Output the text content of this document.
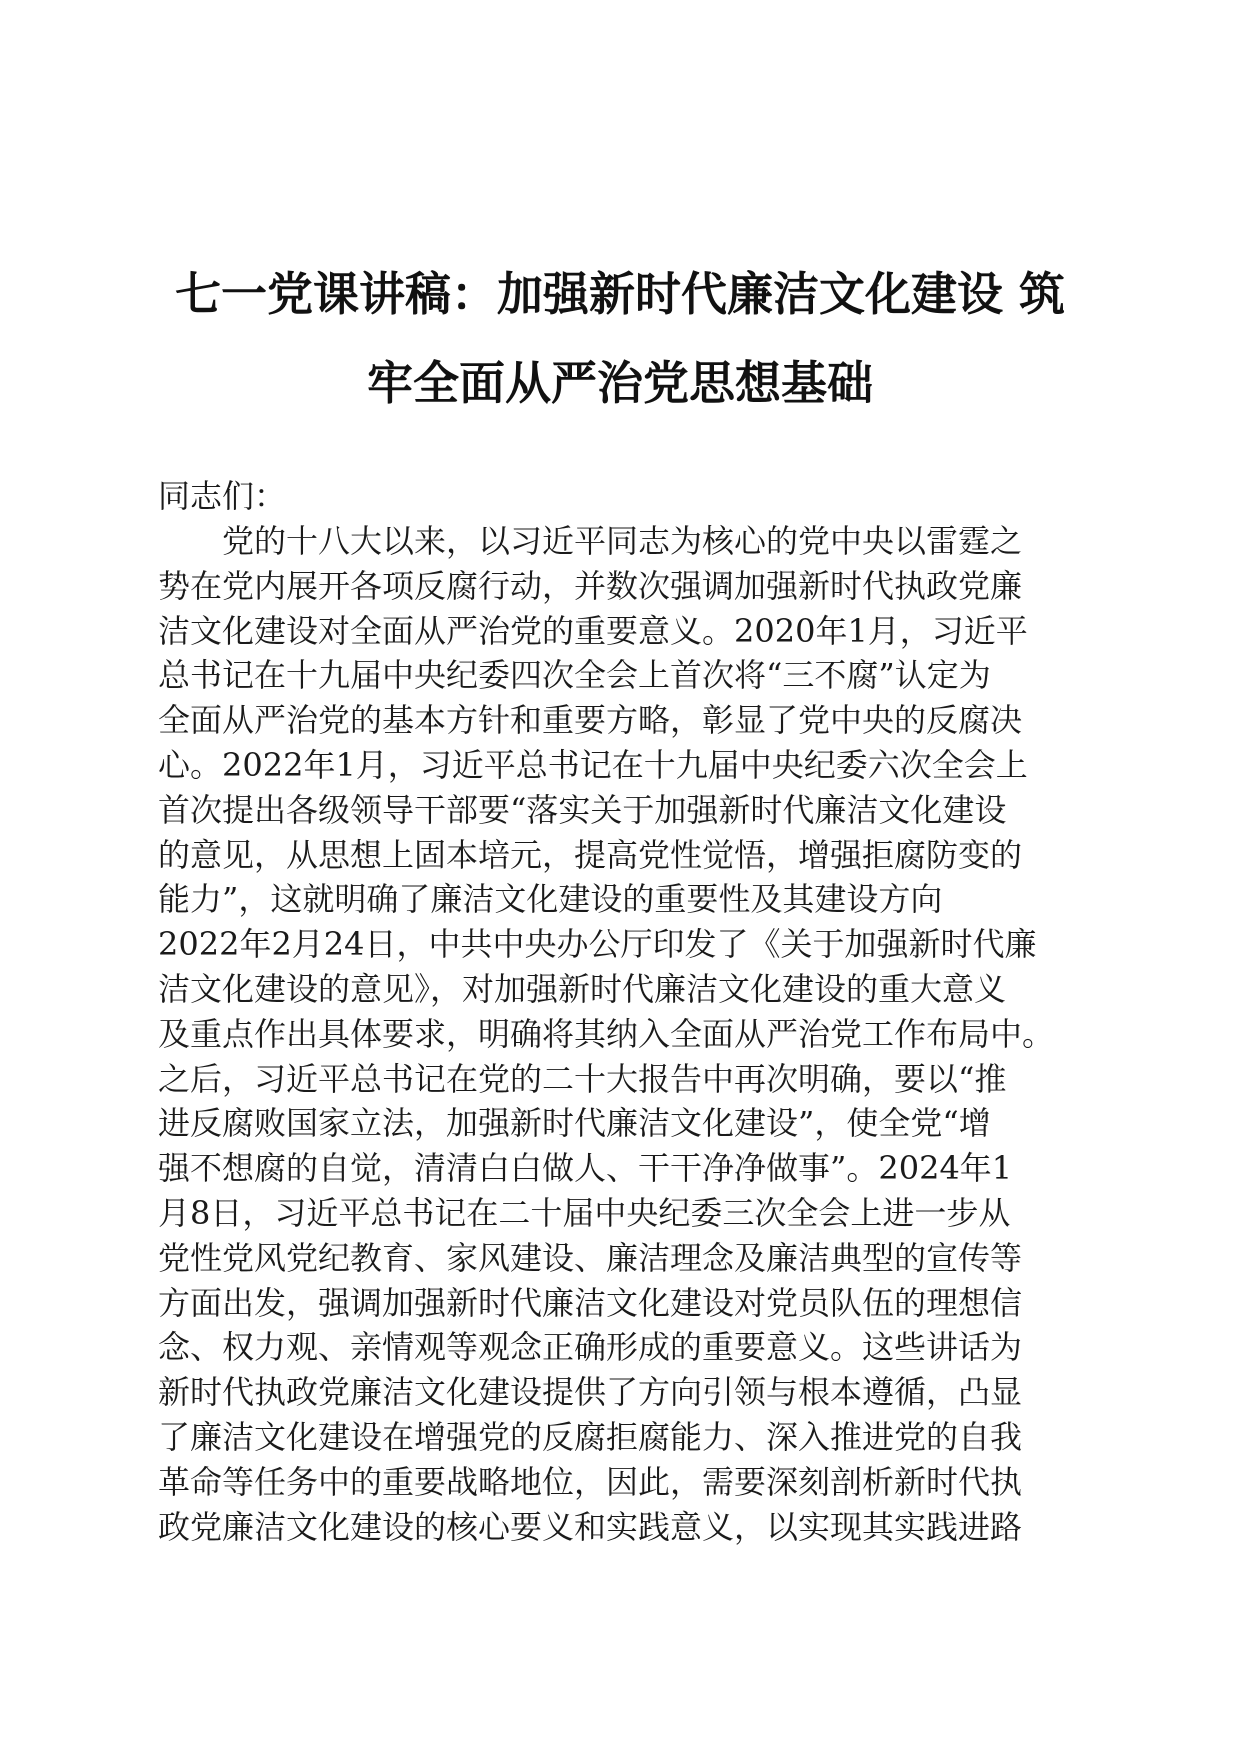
七一党课讲稿：加强新时代廉洁文化建设 筑
牢全面从严治党思想基础
同志们：
　　党的十八大以来，以习近平同志为核心的党中央以雷霆之
势在党内展开各项反腐行动，并数次强调加强新时代执政党廉
洁文化建设对全面从严治党的重要意义。2020年1月，习近平
总书记在十九届中央纪委四次全会上首次将“三不腐”认定为
全面从严治党的基本方针和重要方略，彰显了党中央的反腐决
心。2022年1月，习近平总书记在十九届中央纪委六次全会上
首次提出各级领导干部要“落实关于加强新时代廉洁文化建设
的意见，从思想上固本培元，提高党性觉悟，增强拒腐防变的
能力”，这就明确了廉洁文化建设的重要性及其建设方向
2022年2月24日，中共中央办公厅印发了《关于加强新时代廉
洁文化建设的意见》，对加强新时代廉洁文化建设的重大意义
及重点作出具体要求，明确将其纳入全面从严治党工作布局中。
之后，习近平总书记在党的二十大报告中再次明确，要以“推
进反腐败国家立法，加强新时代廉洁文化建设”，使全党“增
强不想腐的自觉，清清白白做人、干干净净做事”。2024年1
月8日，习近平总书记在二十届中央纪委三次全会上进一步从
党性党风党纪教育、家风建设、廉洁理念及廉洁典型的宣传等
方面出发，强调加强新时代廉洁文化建设对党员队伍的理想信
念、权力观、亲情观等观念正确形成的重要意义。这些讲话为
新时代执政党廉洁文化建设提供了方向引领与根本遵循，凸显
了廉洁文化建设在增强党的反腐拒腐能力、深入推进党的自我
革命等任务中的重要战略地位，因此，需要深刻剖析新时代执
政党廉洁文化建设的核心要义和实践意义，以实现其实践进路
